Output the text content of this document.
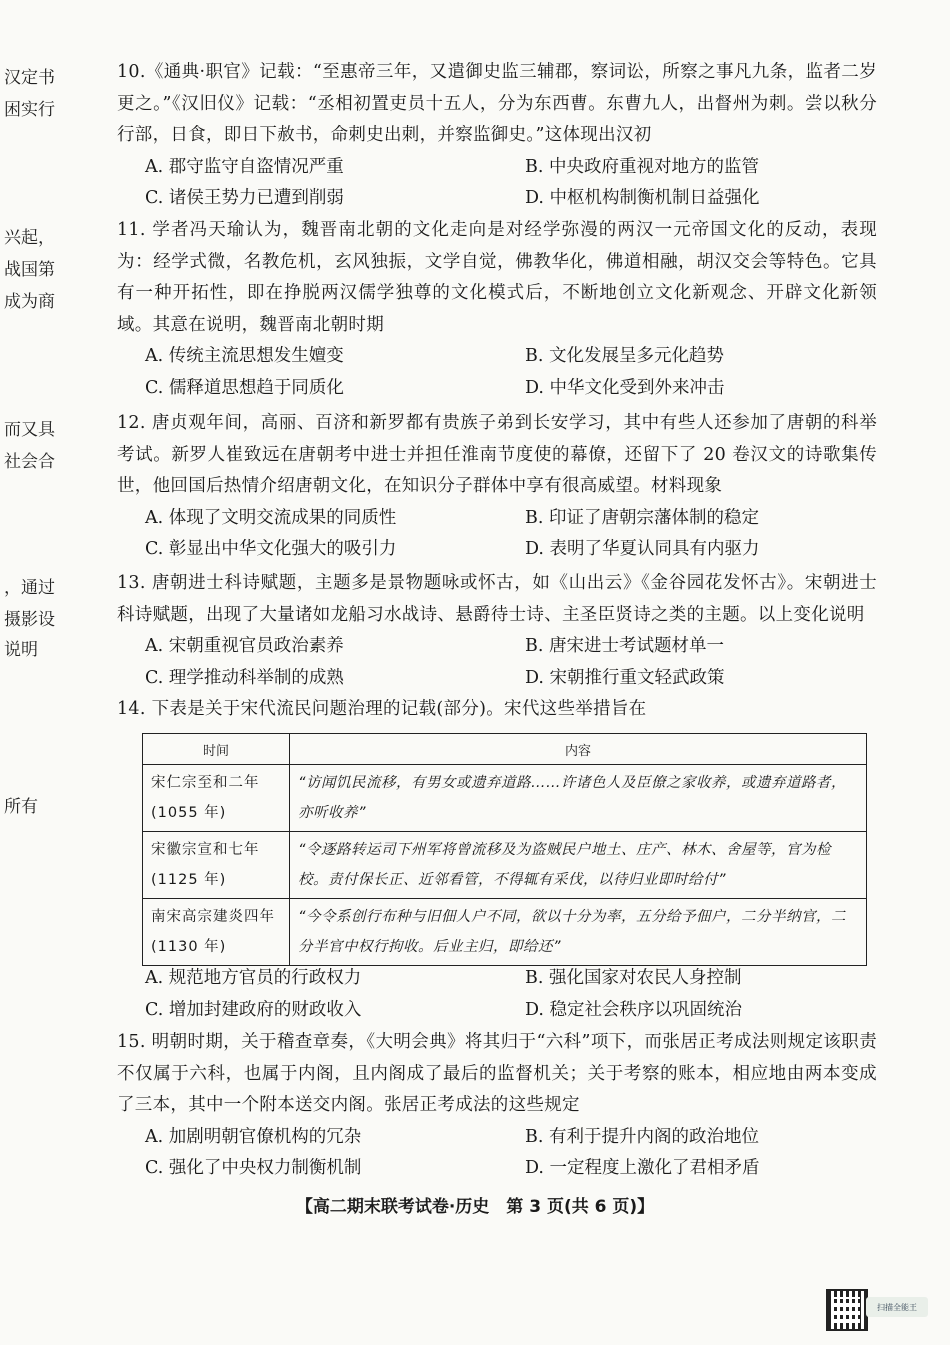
汉定书
困实行
兴起，
战国第
成为商
而又具
社会合
，通过
摄影设
说明
所有
10.《通典·职官》记载：“至惠帝三年，又遣御史监三辅郡，察词讼，所察之事凡九条，监者二岁更之。”《汉旧仪》记载：“丞相初置吏员十五人，分为东西曹。东曹九人，出督州为刺。尝以秋分行部，日食，即日下赦书，命刺史出刺，并察监御史。”这体现出汉初
A. 郡守监守自盗情况严重	B. 中央政府重视对地方的监管
C. 诸侯王势力已遭到削弱	D. 中枢机构制衡机制日益强化
11. 学者冯天瑜认为，魏晋南北朝的文化走向是对经学弥漫的两汉一元帝国文化的反动，表现为：经学式微，名教危机，玄风独振，文学自觉，佛教华化，佛道相融，胡汉交会等特色。它具有一种开拓性，即在挣脱两汉儒学独尊的文化模式后，不断地创立文化新观念、开辟文化新领域。其意在说明，魏晋南北朝时期
A. 传统主流思想发生嬗变	B. 文化发展呈多元化趋势
C. 儒释道思想趋于同质化	D. 中华文化受到外来冲击
12. 唐贞观年间，高丽、百济和新罗都有贵族子弟到长安学习，其中有些人还参加了唐朝的科举考试。新罗人崔致远在唐朝考中进士并担任淮南节度使的幕僚，还留下了 20 卷汉文的诗歌集传世，他回国后热情介绍唐朝文化，在知识分子群体中享有很高威望。材料现象
A. 体现了文明交流成果的同质性	B. 印证了唐朝宗藩体制的稳定
C. 彰显出中华文化强大的吸引力	D. 表明了华夏认同具有内驱力
13. 唐朝进士科诗赋题，主题多是景物题咏或怀古，如《山出云》《金谷园花发怀古》。宋朝进士科诗赋题，出现了大量诸如龙船习水战诗、悬爵待士诗、主圣臣贤诗之类的主题。以上变化说明
A. 宋朝重视官员政治素养	B. 唐宋进士考试题材单一
C. 理学推动科举制的成熟	D. 宋朝推行重文轻武政策
14. 下表是关于宋代流民问题治理的记载(部分)。宋代这些举措旨在
时间	内容

宋仁宗至和二年
(1055 年)	“访闻饥民流移，有男女或遗弃道路……许诸色人及臣僚之家收养，或遗弃道路者，亦听收养”

宋徽宗宣和七年
(1125 年)	“令逐路转运司下州军将曾流移及为盗贼民户地土、庄产、林木、舍屋等，官为检校。责付保长正、近邻看管，不得辄有采伐，以待归业即时给付”

南宋高宗建炎四年
(1130 年)	“今令系创行布种与旧佃人户不同，欲以十分为率，五分给予佃户，二分半纳官，二分半官中权行拘收。后业主归，即给还”
A. 规范地方官员的行政权力	B. 强化国家对农民人身控制
C. 增加封建政府的财政收入	D. 稳定社会秩序以巩固统治
15. 明朝时期，关于稽查章奏，《大明会典》将其归于“六科”项下，而张居正考成法则规定该职责不仅属于六科，也属于内阁，且内阁成了最后的监督机关；关于考察的账本，相应地由两本变成了三本，其中一个附本送交内阁。张居正考成法的这些规定
A. 加剧明朝官僚机构的冗杂	B. 有利于提升内阁的政治地位
C. 强化了中央权力制衡机制	D. 一定程度上激化了君相矛盾
【高二期末联考试卷·历史　第 3 页(共 6 页)】
扫描全能王
